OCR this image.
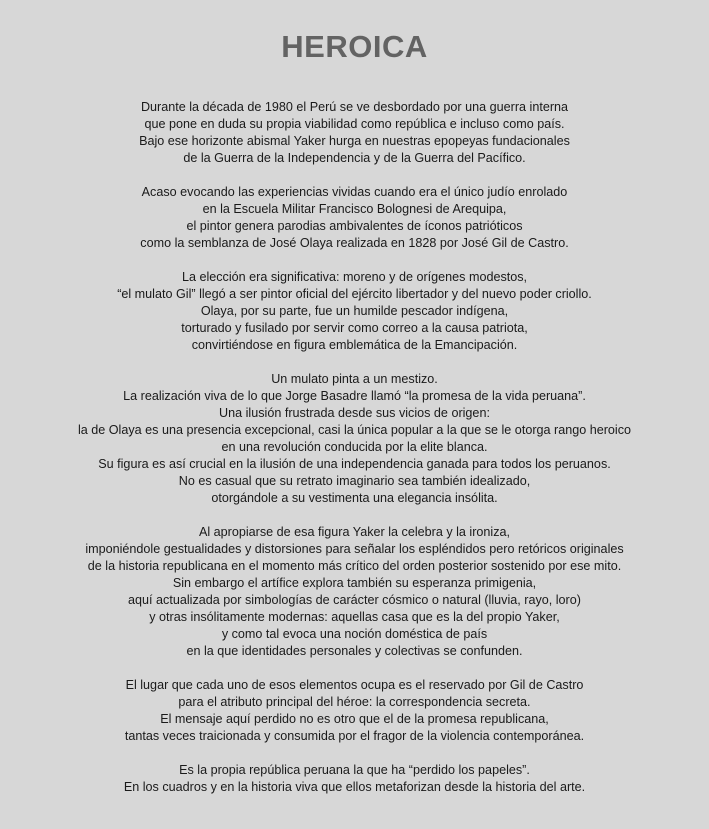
HEROICA
Durante la década de 1980 el Perú se ve desbordado por una guerra interna
que pone en duda su propia viabilidad como república e incluso como país.
Bajo ese horizonte abismal Yaker hurga en nuestras epopeyas fundacionales
de la Guerra de la Independencia y de la Guerra del Pacífico.
Acaso evocando las experiencias vividas cuando era el único judío enrolado
en la Escuela Militar Francisco Bolognesi de Arequipa,
el pintor genera parodias ambivalentes de íconos patrióticos
como la semblanza de José Olaya realizada en 1828 por José Gil de Castro.
La elección era significativa: moreno y de orígenes modestos,
“el mulato Gil” llegó a ser pintor oficial del ejército libertador y del nuevo poder criollo.
Olaya, por su parte, fue un humilde pescador indígena,
torturado y fusilado por servir como correo a la causa patriota,
convirtiéndose en figura emblemática de la Emancipación.
Un mulato pinta a un mestizo.
La realización viva de lo que Jorge Basadre llamó “la promesa de la vida peruana”.
Una ilusión frustrada desde sus vicios de origen:
la de Olaya es una presencia excepcional, casi la única popular a la que se le otorga rango heroico
en una revolución conducida por la elite blanca.
Su figura es así crucial en la ilusión de una independencia ganada para todos los peruanos.
No es casual que su retrato imaginario sea también idealizado,
otorgándole a su vestimenta una elegancia insólita.
Al apropiarse de esa figura Yaker la celebra y la ironiza,
imponiéndole gestualidades y distorsiones para señalar los espléndidos pero retóricos originales
de la historia republicana en el momento más crítico del orden posterior sostenido por ese mito.
Sin embargo el artífice explora también su esperanza primigenia,
aquí actualizada por simbologías de carácter cósmico o natural (lluvia, rayo, loro)
y otras insólitamente modernas: aquellas casa que es la del propio Yaker,
y como tal evoca una noción doméstica de país
en la que identidades personales y colectivas se confunden.
El lugar que cada uno de esos elementos ocupa es el reservado por Gil de Castro
para el atributo principal del héroe: la correspondencia secreta.
El mensaje aquí perdido no es otro que el de la promesa republicana,
tantas veces traicionada y consumida por el fragor de la violencia contemporánea.
Es la propia república peruana la que ha “perdido los papeles”.
En los cuadros y en la historia viva que ellos metaforizan desde la historia del arte.
